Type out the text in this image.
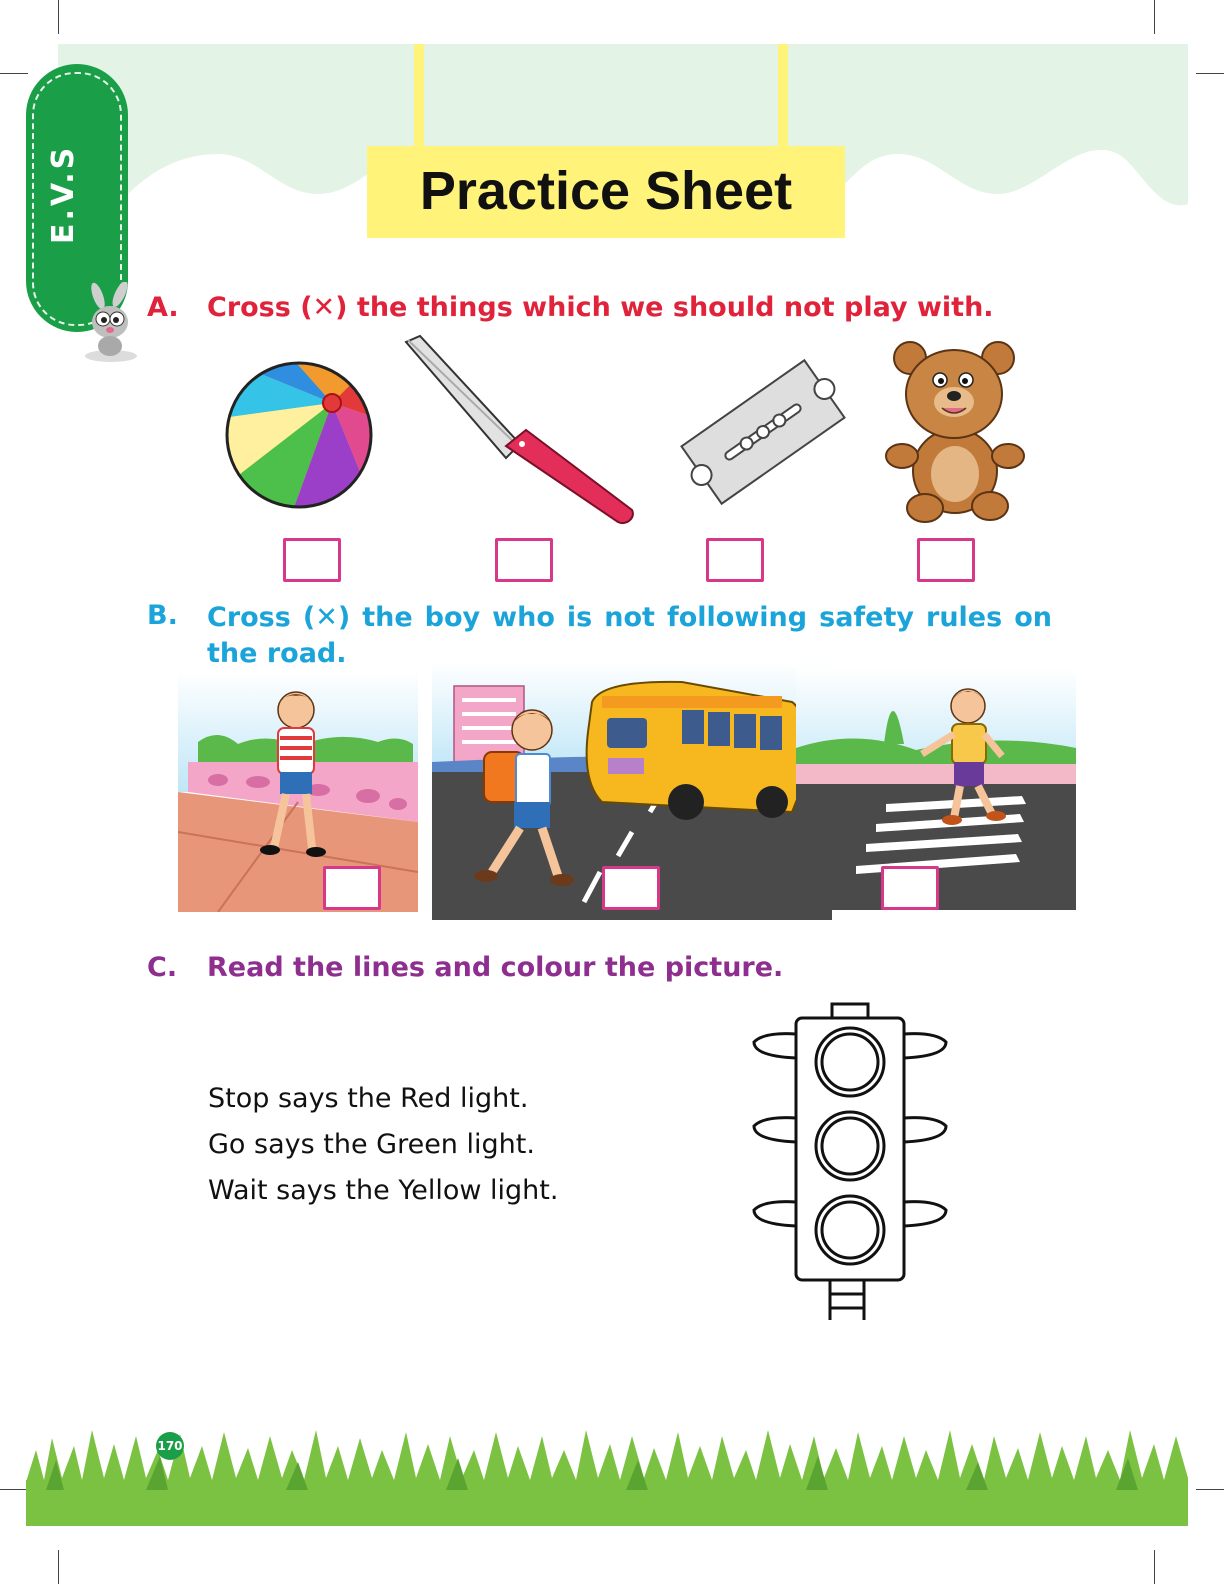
E.V.S	Practice Sheet
A. Cross (✕) the things which we should not play with.
B. Cross (✕) the boy who is not following safety rules on the road.
C. Read the lines and colour the picture.
Stop says the Red light.
Go says the Green light.
Wait says the Yellow light.
170
